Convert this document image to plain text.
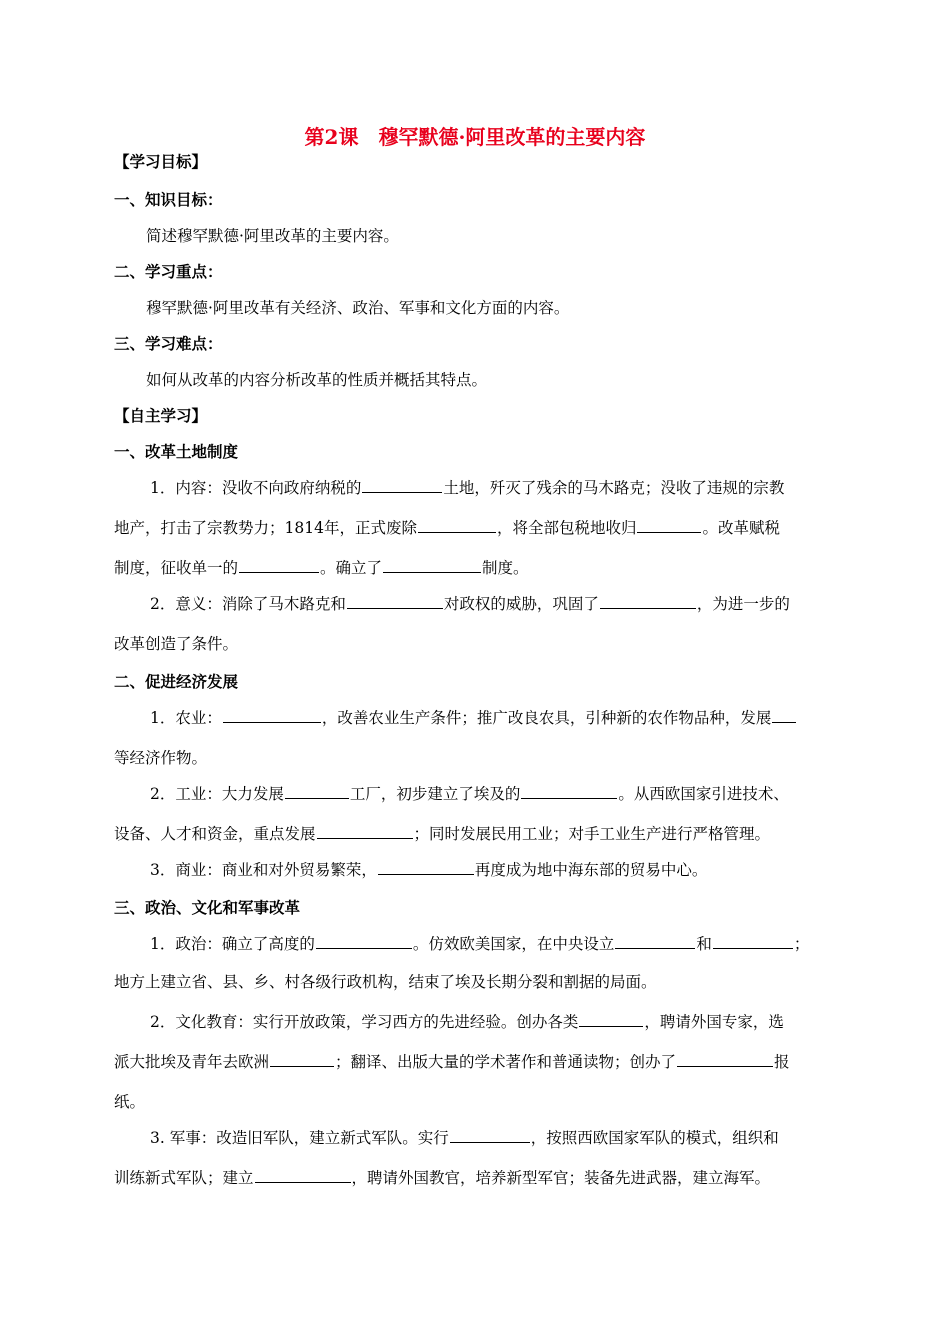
第2课　穆罕默德·阿里改革的主要内容
【学习目标】
一、知识目标：
简述穆罕默德·阿里改革的主要内容。
二、学习重点：
穆罕默德·阿里改革有关经济、政治、军事和文化方面的内容。
三、学习难点：
如何从改革的内容分析改革的性质并概括其特点。
【自主学习】
一、改革土地制度
1．内容：没收不向政府纳税的	土地，歼灭了残余的马木路克；没收了违规的宗教
地产，打击了宗教势力；1814年，正式废除	，将全部包税地收归	。改革赋税
制度，征收单一的	。确立了	制度。
2．意义：消除了马木路克和	对政权的威胁，巩固了	，为进一步的
改革创造了条件。
二、促进经济发展
1．农业：	，改善农业生产条件；推广改良农具，引种新的农作物品种，发展
等经济作物。
2．工业：大力发展	工厂，初步建立了埃及的	。从西欧国家引进技术、
设备、人才和资金，重点发展	；同时发展民用工业；对手工业生产进行严格管理。
3．商业：商业和对外贸易繁荣，	再度成为地中海东部的贸易中心。
三、政治、文化和军事改革
1．政治：确立了高度的	。仿效欧美国家，在中央设立	和	；
地方上建立省、县、乡、村各级行政机构，结束了埃及长期分裂和割据的局面。
2．文化教育：实行开放政策，学习西方的先进经验。创办各类	，聘请外国专家，选
派大批埃及青年去欧洲	；翻译、出版大量的学术著作和普通读物；创办了	报
纸。
3. 军事：改造旧军队，建立新式军队。实行	，按照西欧国家军队的模式，组织和
训练新式军队；建立	，聘请外国教官，培养新型军官；装备先进武器，建立海军。
